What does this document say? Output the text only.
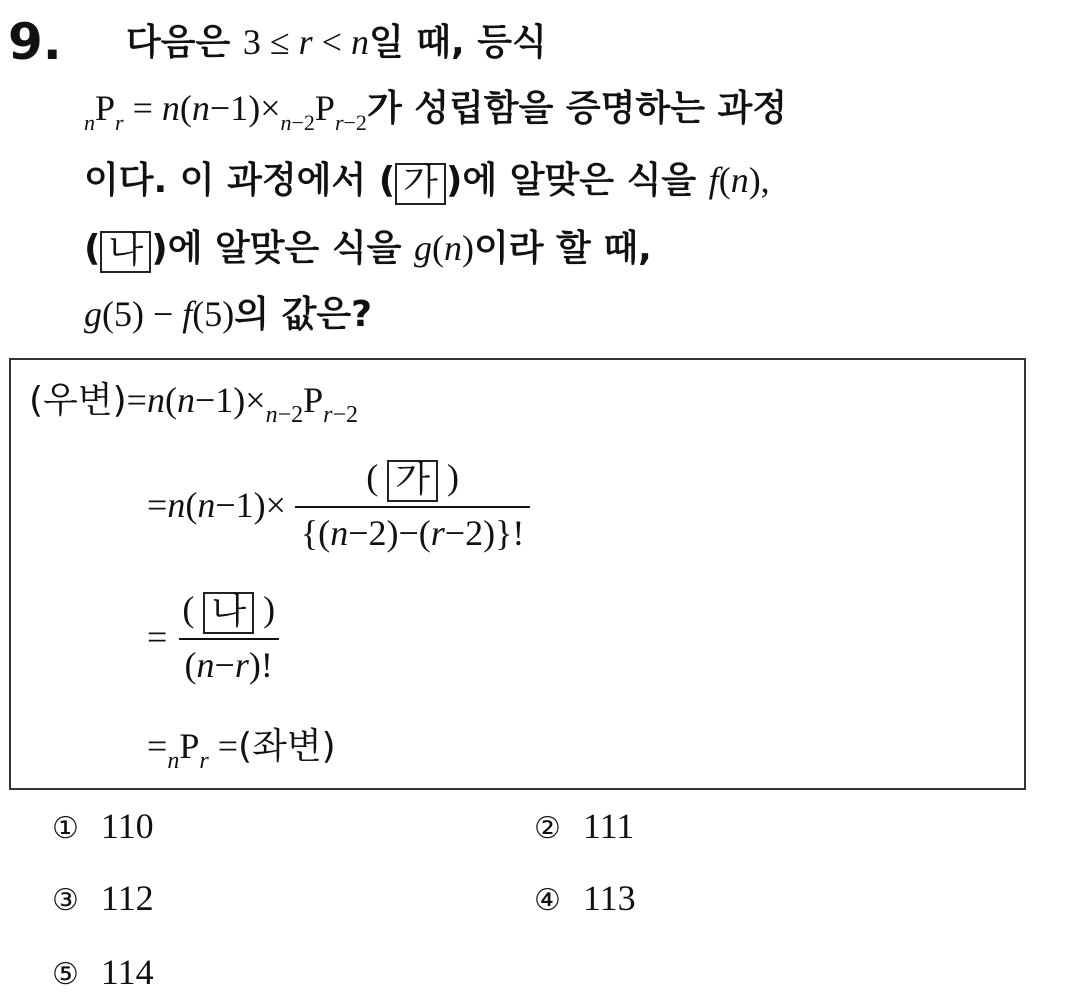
9. 다음은 3 ≤ r < n일 때, 등식
$_nP_r = n(n-1)\times_{n-2}P_{r-2}$가 성립함을 증명하는 과정
이다. 이 과정에서 ( 가 )에 알맞은 식을 f(n),
( 나 )에 알맞은 식을 g(n)이라 할 때,
g(5) − f(5)의 값은?
(우변)$=n(n-1)\times_{n-2}P_{r-2}$
$=n(n-1)\times \frac{\text{( 가 )}}{\{(n-2)-(r-2)\}!}$
= $\frac{\text{( 나 )}}{(n-r)!}$
$=_nP_r$ =(좌변)
① 110	② 111
③ 112	④ 113
⑤ 114
